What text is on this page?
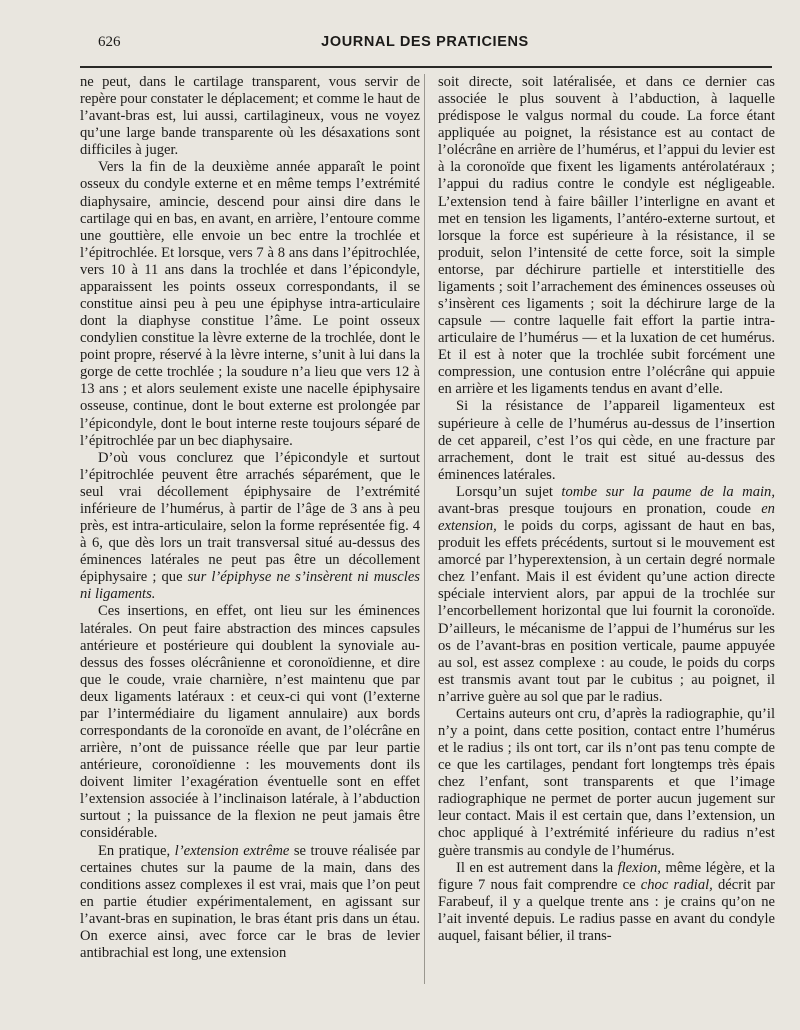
626	JOURNAL DES PRATICIENS

ne peut, dans le cartilage transparent, vous servir de repère pour constater le déplacement; et comme le haut de l’avant-bras est, lui aussi, cartilagineux, vous ne voyez qu’une large bande transparente où les désaxations sont difficiles à juger.

Vers la fin de la deuxième année apparaît le point osseux du condyle externe et en même temps l’extrémité diaphysaire, amincie, descend pour ainsi dire dans le cartilage qui en bas, en avant, en arrière, l’entoure comme une gouttière, elle envoie un bec entre la trochlée et l’épitrochlée. Et lorsque, vers 7 à 8 ans dans l’épitrochlée, vers 10 à 11 ans dans la trochlée et dans l’épicondyle, apparaissent les points osseux correspondants, il se constitue ainsi peu à peu une épiphyse intra-articulaire dont la diaphyse constitue l’âme. Le point osseux condylien constitue la lèvre externe de la trochlée, dont le point propre, réservé à la lèvre interne, s’unit à lui dans la gorge de cette trochlée ; la soudure n’a lieu que vers 12 à 13 ans ; et alors seulement existe une nacelle épiphysaire osseuse, continue, dont le bout externe est prolongée par l’épicondyle, dont le bout interne reste toujours séparé de l’épitrochlée par un bec diaphysaire.

D’où vous conclurez que l’épicondyle et surtout l’épitrochlée peuvent être arrachés séparément, que le seul vrai décollement épiphysaire de l’extrémité inférieure de l’humérus, à partir de l’âge de 3 ans à peu près, est intra-articulaire, selon la forme représentée fig. 4 à 6, que dès lors un trait transversal situé au-dessus des éminences latérales ne peut pas être un décollement épiphysaire ; que sur l’épiphyse ne s’insèrent ni muscles ni ligaments.

Ces insertions, en effet, ont lieu sur les éminences latérales. On peut faire abstraction des minces capsules antérieure et postérieure qui doublent la synoviale au-dessus des fosses olécrânienne et coronoïdienne, et dire que le coude, vraie charnière, n’est maintenu que par deux ligaments latéraux : et ceux-ci qui vont (l’externe par l’intermédiaire du ligament annulaire) aux bords correspondants de la coronoïde en avant, de l’olécrâne en arrière, n’ont de puissance réelle que par leur partie antérieure, coronoïdienne : les mouvements dont ils doivent limiter l’exagération éventuelle sont en effet l’extension associée à l’inclinaison latérale, à l’abduction surtout ; la puissance de la flexion ne peut jamais être considérable.

En pratique, l’extension extrême se trouve réalisée par certaines chutes sur la paume de la main, dans des conditions assez complexes il est vrai, mais que l’on peut en partie étudier expérimentalement, en agissant sur l’avant-bras en supination, le bras étant pris dans un étau. On exerce ainsi, avec force car le bras de levier antibrachial est long, une extension

soit directe, soit latéralisée, et dans ce dernier cas associée le plus souvent à l’abduction, à laquelle prédispose le valgus normal du coude. La force étant appliquée au poignet, la résistance est au contact de l’olécrâne en arrière de l’humérus, et l’appui du levier est à la coronoïde que fixent les ligaments antérolatéraux ; l’appui du radius contre le condyle est négligeable. L’extension tend à faire bâiller l’interligne en avant et met en tension les ligaments, l’antéro-externe surtout, et lorsque la force est supérieure à la résistance, il se produit, selon l’intensité de cette force, soit la simple entorse, par déchirure partielle et interstitielle des ligaments ; soit l’arrachement des éminences osseuses où s’insèrent ces ligaments ; soit la déchirure large de la capsule — contre laquelle fait effort la partie intra-articulaire de l’humérus — et la luxation de cet humérus. Et il est à noter que la trochlée subit forcément une compression, une contusion entre l’olécrâne qui appuie en arrière et les ligaments tendus en avant d’elle.

Si la résistance de l’appareil ligamenteux est supérieure à celle de l’humérus au-dessus de l’insertion de cet appareil, c’est l’os qui cède, en une fracture par arrachement, dont le trait est situé au-dessus des éminences latérales.

Lorsqu’un sujet tombe sur la paume de la main, avant-bras presque toujours en pronation, coude en extension, le poids du corps, agissant de haut en bas, produit les effets précédents, surtout si le mouvement est amorcé par l’hyperextension, à un certain degré normale chez l’enfant. Mais il est évident qu’une action directe spéciale intervient alors, par appui de la trochlée sur l’encorbellement horizontal que lui fournit la coronoïde. D’ailleurs, le mécanisme de l’appui de l’humérus sur les os de l’avant-bras en position verticale, paume appuyée au sol, est assez complexe : au coude, le poids du corps est transmis avant tout par le cubitus ; au poignet, il n’arrive guère au sol que par le radius.

Certains auteurs ont cru, d’après la radiographie, qu’il n’y a point, dans cette position, contact entre l’humérus et le radius ; ils ont tort, car ils n’ont pas tenu compte de ce que les cartilages, pendant fort longtemps très épais chez l’enfant, sont transparents et que l’image radiographique ne permet de porter aucun jugement sur leur contact. Mais il est certain que, dans l’extension, un choc appliqué à l’extrémité inférieure du radius n’est guère transmis au condyle de l’humérus.

Il en est autrement dans la flexion, même légère, et la figure 7 nous fait comprendre ce choc radial, décrit par Farabeuf, il y a quelque trente ans : je crains qu’on ne l’ait inventé depuis. Le radius passe en avant du condyle auquel, faisant bélier, il trans-
